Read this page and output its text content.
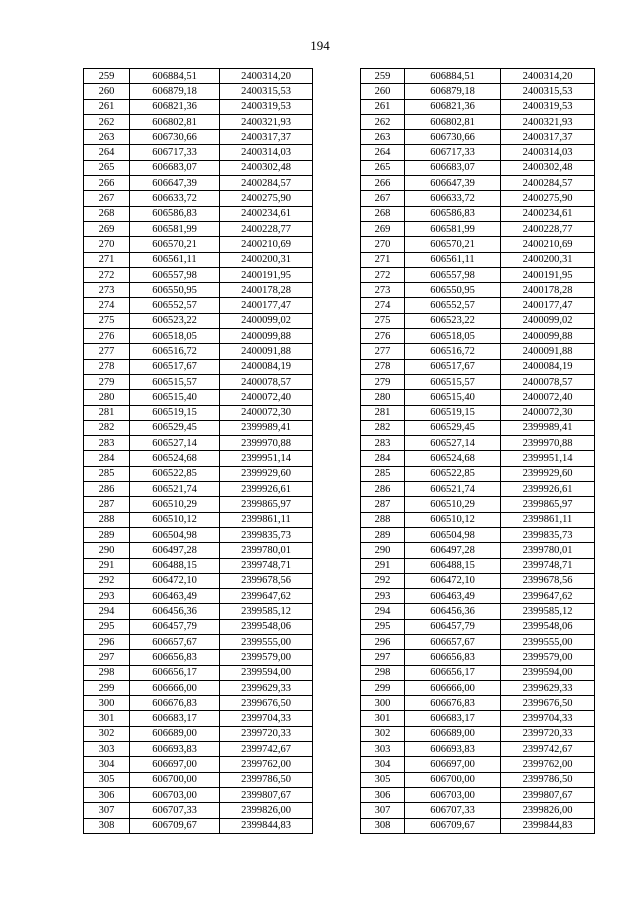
194
259	606884,51	2400314,20
260	606879,18	2400315,53
261	606821,36	2400319,53
262	606802,81	2400321,93
263	606730,66	2400317,37
264	606717,33	2400314,03
265	606683,07	2400302,48
266	606647,39	2400284,57
267	606633,72	2400275,90
268	606586,83	2400234,61
269	606581,99	2400228,77
270	606570,21	2400210,69
271	606561,11	2400200,31
272	606557,98	2400191,95
273	606550,95	2400178,28
274	606552,57	2400177,47
275	606523,22	2400099,02
276	606518,05	2400099,88
277	606516,72	2400091,88
278	606517,67	2400084,19
279	606515,57	2400078,57
280	606515,40	2400072,40
281	606519,15	2400072,30
282	606529,45	2399989,41
283	606527,14	2399970,88
284	606524,68	2399951,14
285	606522,85	2399929,60
286	606521,74	2399926,61
287	606510,29	2399865,97
288	606510,12	2399861,11
289	606504,98	2399835,73
290	606497,28	2399780,01
291	606488,15	2399748,71
292	606472,10	2399678,56
293	606463,49	2399647,62
294	606456,36	2399585,12
295	606457,79	2399548,06
296	606657,67	2399555,00
297	606656,83	2399579,00
298	606656,17	2399594,00
299	606666,00	2399629,33
300	606676,83	2399676,50
301	606683,17	2399704,33
302	606689,00	2399720,33
303	606693,83	2399742,67
304	606697,00	2399762,00
305	606700,00	2399786,50
306	606703,00	2399807,67
307	606707,33	2399826,00
308	606709,67	2399844,83
259	606884,51	2400314,20
260	606879,18	2400315,53
261	606821,36	2400319,53
262	606802,81	2400321,93
263	606730,66	2400317,37
264	606717,33	2400314,03
265	606683,07	2400302,48
266	606647,39	2400284,57
267	606633,72	2400275,90
268	606586,83	2400234,61
269	606581,99	2400228,77
270	606570,21	2400210,69
271	606561,11	2400200,31
272	606557,98	2400191,95
273	606550,95	2400178,28
274	606552,57	2400177,47
275	606523,22	2400099,02
276	606518,05	2400099,88
277	606516,72	2400091,88
278	606517,67	2400084,19
279	606515,57	2400078,57
280	606515,40	2400072,40
281	606519,15	2400072,30
282	606529,45	2399989,41
283	606527,14	2399970,88
284	606524,68	2399951,14
285	606522,85	2399929,60
286	606521,74	2399926,61
287	606510,29	2399865,97
288	606510,12	2399861,11
289	606504,98	2399835,73
290	606497,28	2399780,01
291	606488,15	2399748,71
292	606472,10	2399678,56
293	606463,49	2399647,62
294	606456,36	2399585,12
295	606457,79	2399548,06
296	606657,67	2399555,00
297	606656,83	2399579,00
298	606656,17	2399594,00
299	606666,00	2399629,33
300	606676,83	2399676,50
301	606683,17	2399704,33
302	606689,00	2399720,33
303	606693,83	2399742,67
304	606697,00	2399762,00
305	606700,00	2399786,50
306	606703,00	2399807,67
307	606707,33	2399826,00
308	606709,67	2399844,83
